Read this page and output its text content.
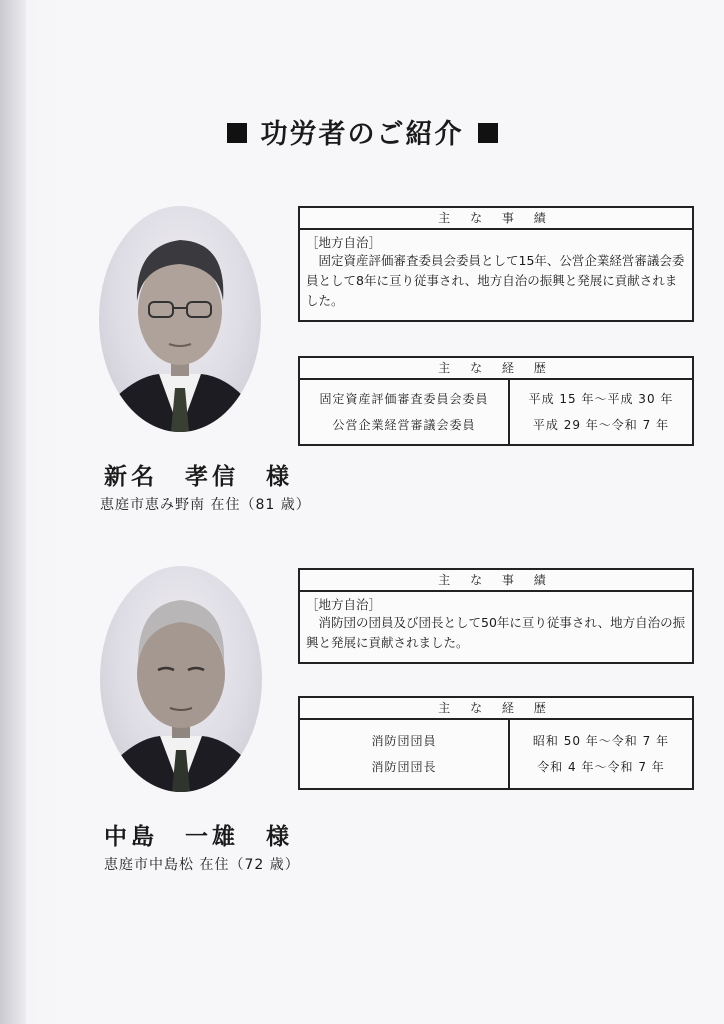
功労者のご紹介
新名　孝信　様
恵庭市恵み野南 在住（81 歳）
主 な 事 績
［地方自治］
固定資産評価審査委員会委員として15年、公営企業経営審議会委員として8年に亘り従事され、地方自治の振興と発展に貢献されました。
主 な 経 歴
固定資産評価審査委員会委員
公営企業経営審議会委員
平成 15 年～平成 30 年
平成 29 年～令和 7 年
中島　一雄　様
恵庭市中島松 在住（72 歳）
主 な 事 績
［地方自治］
消防団の団員及び団長として50年に亘り従事され、地方自治の振興と発展に貢献されました。
主 な 経 歴
消防団団員
消防団団長
昭和 50 年～令和 7 年
令和 4 年～令和 7 年
